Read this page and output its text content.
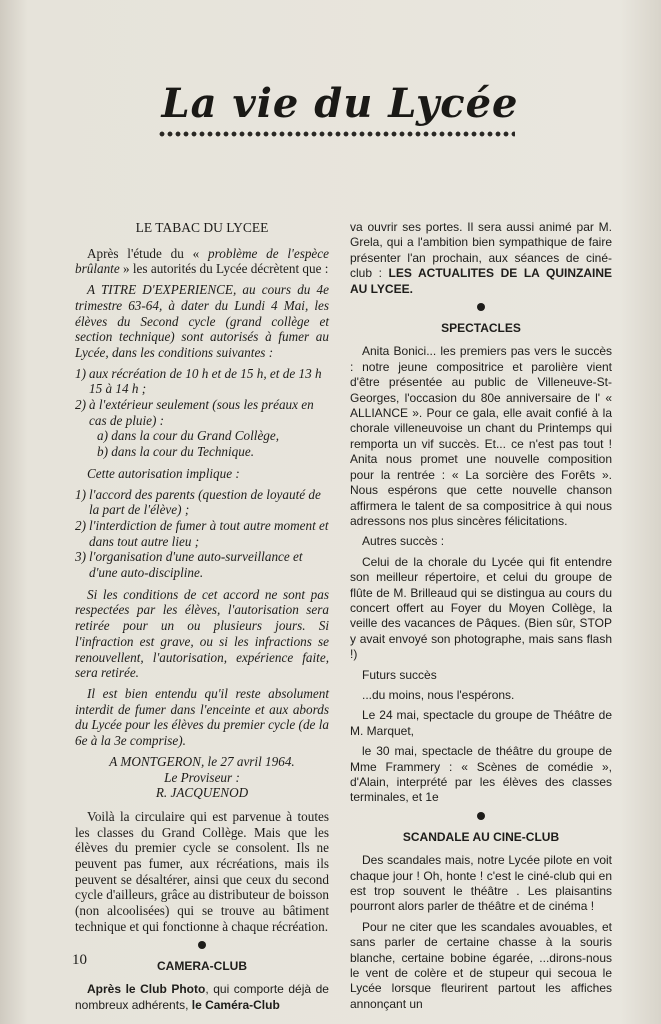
La vie du Lycée
LE TABAC DU LYCEE

Après l'étude du « problème de l'espèce brûlante » les autorités du Lycée décrètent que :

A TITRE D'EXPERIENCE, au cours du 4e trimestre 63-64, à dater du Lundi 4 Mai, les élèves du Second cycle (grand collège et section technique) sont autorisés à fumer au Lycée, dans les conditions suivantes :

1) aux récréation de 10 h et de 15 h, et de 13 h 15 à 14 h ;
2) à l'extérieur seulement (sous les préaux en cas de pluie) :
a) dans la cour du Grand Collège,
b) dans la cour du Technique.

Cette autorisation implique :

1) l'accord des parents (question de loyauté de la part de l'élève) ;
2) l'interdiction de fumer à tout autre moment et dans tout autre lieu ;
3) l'organisation d'une auto-surveillance et d'une auto-discipline.

Si les conditions de cet accord ne sont pas respectées par les élèves, l'autorisation sera retirée pour un ou plusieurs jours. Si l'infraction est grave, ou si les infractions se renouvellent, l'autorisation, expérience faite, sera retirée.

Il est bien entendu qu'il reste absolument interdit de fumer dans l'enceinte et aux abords du Lycée pour les élèves du premier cycle (de la 6e à la 3e comprise).

A MONTGERON, le 27 avril 1964.
Le Proviseur :
R. JACQUENOD

Voilà la circulaire qui est parvenue à toutes les classes du Grand Collège. Mais que les élèves du premier cycle se consolent. Ils ne peuvent pas fumer, aux récréations, mais ils peuvent se désaltérer, ainsi que ceux du second cycle d'ailleurs, grâce au distributeur de boisson (non alcoolisées) qui se trouve au bâtiment technique et qui fonctionne à chaque récréation.

CAMERA-CLUB

Après le Club Photo, qui comporte déjà de nombreux adhérents, le Caméra-Club

va ouvrir ses portes. Il sera aussi animé par M. Grela, qui a l'ambition bien sympathique de faire présenter l'an prochain, aux séances de ciné-club : LES ACTUALITES DE LA QUINZAINE AU LYCEE.

SPECTACLES

Anita Bonici... les premiers pas vers le succès : notre jeune compositrice et parolière vient d'être présentée au public de Villeneuve-St-Georges, l'occasion du 80e anniversaire de l' « ALLIANCE ». Pour ce gala, elle avait confié à la chorale villeneuvoise un chant du Printemps qui remporta un vif succès. Et... ce n'est pas tout ! Anita nous promet une nouvelle composition pour la rentrée : « La sorcière des Forêts ». Nous espérons que cette nouvelle chanson affirmera le talent de sa compositrice à qui nous adressons nos plus sincères félicitations.

Autres succès :

Celui de la chorale du Lycée qui fit entendre son meilleur répertoire, et celui du groupe de flûte de M. Brilleaud qui se distingua au cours du concert offert au Foyer du Moyen Collège, la veille des vacances de Pâques. (Bien sûr, STOP y avait envoyé son photographe, mais sans flash !)

Futurs succès

...du moins, nous l'espérons.

Le 24 mai, spectacle du groupe de Théâtre de M. Marquet,

le 30 mai, spectacle de théâtre du groupe de Mme Frammery : « Scènes de comédie », d'Alain, interprété par les élèves des classes terminales, et 1e

SCANDALE AU CINE-CLUB

Des scandales mais, notre Lycée pilote en voit chaque jour ! Oh, honte ! c'est le ciné-club qui en est trop souvent le théâtre . Les plaisantins pourront alors parler de théâtre et de cinéma !

Pour ne citer que les scandales avouables, et sans parler de certaine chasse à la souris blanche, certaine bobine égarée, ...dirons-nous le vent de colère et de stupeur qui secoua le Lycée lorsque fleurirent partout les affiches annonçant un

10
